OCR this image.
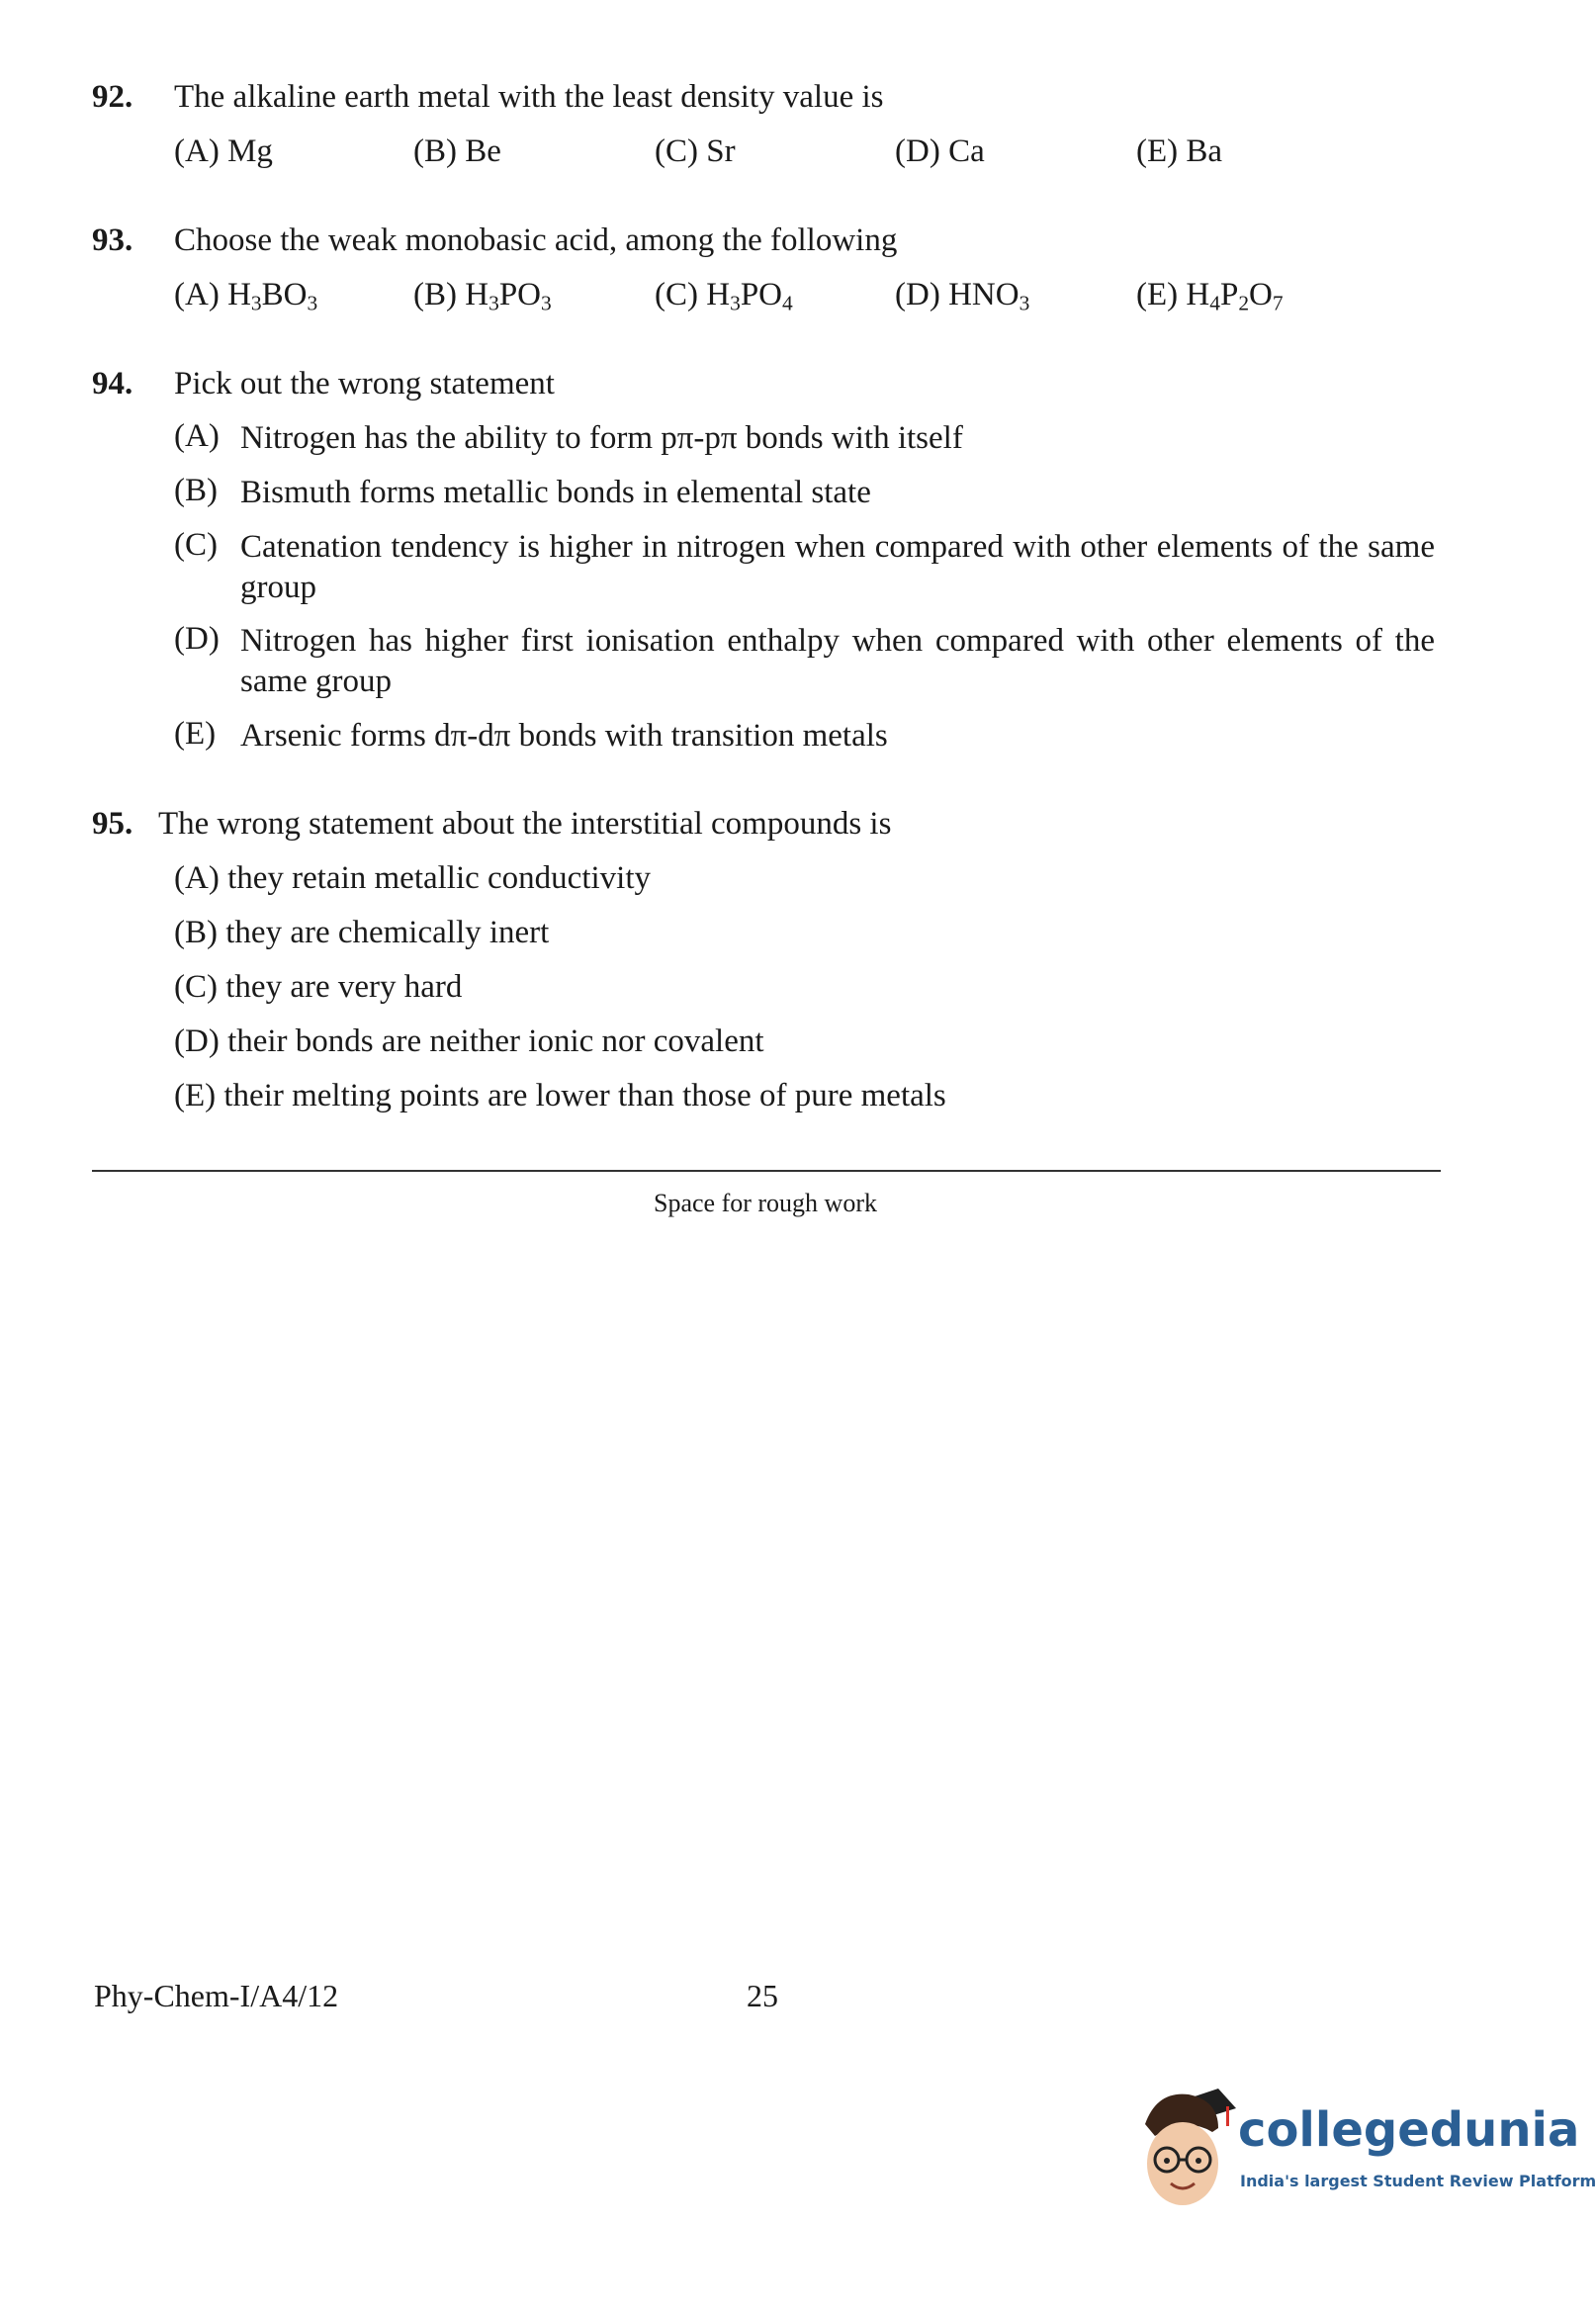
92. The alkaline earth metal with the least density value is
(A) Mg	(B) Be	(C) Sr	(D) Ca	(E) Ba
93. Choose the weak monobasic acid, among the following
(A) $H_3BO_3$	(B) $H_3PO_3$	(C) $H_3PO_4$	(D) $HNO_3$	(E) $H_4P_2O_7$
94. Pick out the wrong statement
(A) Nitrogen has the ability to form pπ-pπ bonds with itself
(B) Bismuth forms metallic bonds in elemental state
(C) Catenation tendency is higher in nitrogen when compared with other elements of the same group
(D) Nitrogen has higher first ionisation enthalpy when compared with other elements of the same group
(E) Arsenic forms dπ-dπ bonds with transition metals
95. The wrong statement about the interstitial compounds is
(A) they retain metallic conductivity
(B) they are chemically inert
(C) they are very hard
(D) their bonds are neither ionic nor covalent
(E) their melting points are lower than those of pure metals
Space for rough work
Phy-Chem-I/A4/12	25
collegedunia
India's largest Student Review Platform
